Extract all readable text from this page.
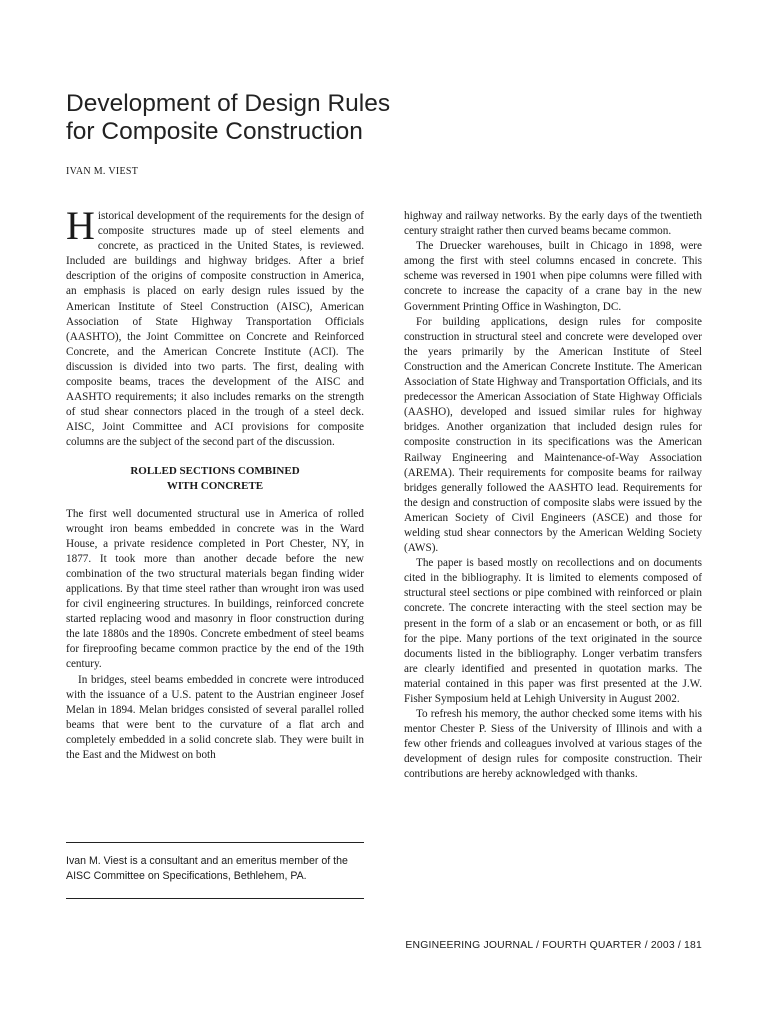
Development of Design Rules
for Composite Construction
IVAN M. VIEST

Historical development of the requirements for the design of composite structures made up of steel elements and concrete, as practiced in the United States, is reviewed. Included are buildings and highway bridges. After a brief description of the origins of composite construction in America, an emphasis is placed on early design rules issued by the American Institute of Steel Construction (AISC), American Association of State Highway Transportation Officials (AASHTO), the Joint Committee on Concrete and Reinforced Concrete, and the American Concrete Institute (ACI). The discussion is divided into two parts. The first, dealing with composite beams, traces the development of the AISC and AASHTO requirements; it also includes remarks on the strength of stud shear connectors placed in the trough of a steel deck. AISC, Joint Committee and ACI provisions for composite columns are the subject of the second part of the discussion.

ROLLED SECTIONS COMBINED
WITH CONCRETE

The first well documented structural use in America of rolled wrought iron beams embedded in concrete was in the Ward House, a private residence completed in Port Chester, NY, in 1877. It took more than another decade before the new combination of the two structural materials began finding wider applications. By that time steel rather than wrought iron was used for civil engineering structures. In buildings, reinforced concrete started replacing wood and masonry in floor construction during the late 1880s and the 1890s. Concrete embedment of steel beams for fireproofing became common practice by the end of the 19th century.

In bridges, steel beams embedded in concrete were introduced with the issuance of a U.S. patent to the Austrian engineer Josef Melan in 1894. Melan bridges consisted of several parallel rolled beams that were bent to the curvature of a flat arch and completely embedded in a solid concrete slab. They were built in the East and the Midwest on both

highway and railway networks. By the early days of the twentieth century straight rather then curved beams became common.

The Druecker warehouses, built in Chicago in 1898, were among the first with steel columns encased in concrete. This scheme was reversed in 1901 when pipe columns were filled with concrete to increase the capacity of a crane bay in the new Government Printing Office in Washington, DC.

For building applications, design rules for composite construction in structural steel and concrete were developed over the years primarily by the American Institute of Steel Construction and the American Concrete Institute. The American Association of State Highway and Transportation Officials, and its predecessor the American Association of State Highway Officials (AASHO), developed and issued similar rules for highway bridges. Another organization that included design rules for composite construction in its specifications was the American Railway Engineering and Maintenance-of-Way Association (AREMA). Their requirements for composite beams for railway bridges generally followed the AASHTO lead. Requirements for the design and construction of composite slabs were issued by the American Society of Civil Engineers (ASCE) and those for welding stud shear connectors by the American Welding Society (AWS).

The paper is based mostly on recollections and on documents cited in the bibliography. It is limited to elements composed of structural steel sections or pipe combined with reinforced or plain concrete. The concrete interacting with the steel section may be present in the form of a slab or an encasement or both, or as fill for the pipe. Many portions of the text originated in the source documents listed in the bibliography. Longer verbatim transfers are clearly identified and presented in quotation marks. The material contained in this paper was first presented at the J.W. Fisher Symposium held at Lehigh University in August 2002.

To refresh his memory, the author checked some items with his mentor Chester P. Siess of the University of Illinois and with a few other friends and colleagues involved at various stages of the development of design rules for composite construction. Their contributions are hereby acknowledged with thanks.

Ivan M. Viest is a consultant and an emeritus member of the AISC Committee on Specifications, Bethlehem, PA.
ENGINEERING JOURNAL / FOURTH QUARTER / 2003 / 181
